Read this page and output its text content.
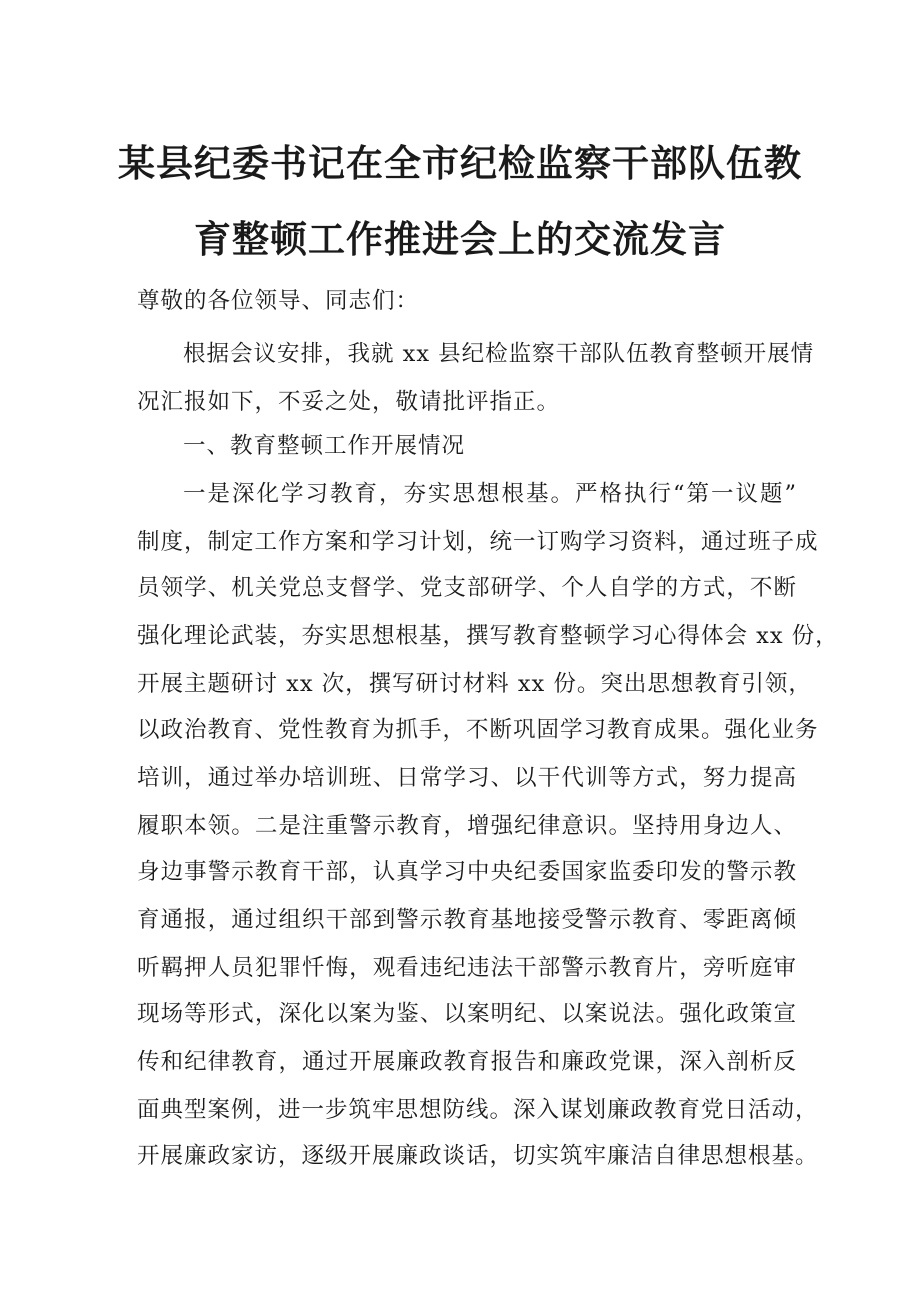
某县纪委书记在全市纪检监察干部队伍教
育整顿工作推进会上的交流发言
尊敬的各位领导、同志们：
根据会议安排，我就 xx 县纪检监察干部队伍教育整顿开展情
况汇报如下，不妥之处，敬请批评指正。
一、教育整顿工作开展情况
一是深化学习教育，夯实思想根基。严格执行“第一议题”
制度，制定工作方案和学习计划，统一订购学习资料，通过班子成
员领学、机关党总支督学、党支部研学、个人自学的方式，不断
强化理论武装，夯实思想根基，撰写教育整顿学习心得体会 xx 份，
开展主题研讨 xx 次，撰写研讨材料 xx 份。突出思想教育引领，
以政治教育、党性教育为抓手，不断巩固学习教育成果。强化业务
培训，通过举办培训班、日常学习、以干代训等方式，努力提高
履职本领。二是注重警示教育，增强纪律意识。坚持用身边人、
身边事警示教育干部，认真学习中央纪委国家监委印发的警示教
育通报，通过组织干部到警示教育基地接受警示教育、零距离倾
听羁押人员犯罪忏悔，观看违纪违法干部警示教育片，旁听庭审
现场等形式，深化以案为鉴、以案明纪、以案说法。强化政策宣
传和纪律教育，通过开展廉政教育报告和廉政党课，深入剖析反
面典型案例，进一步筑牢思想防线。深入谋划廉政教育党日活动，
开展廉政家访，逐级开展廉政谈话，切实筑牢廉洁自律思想根基。
